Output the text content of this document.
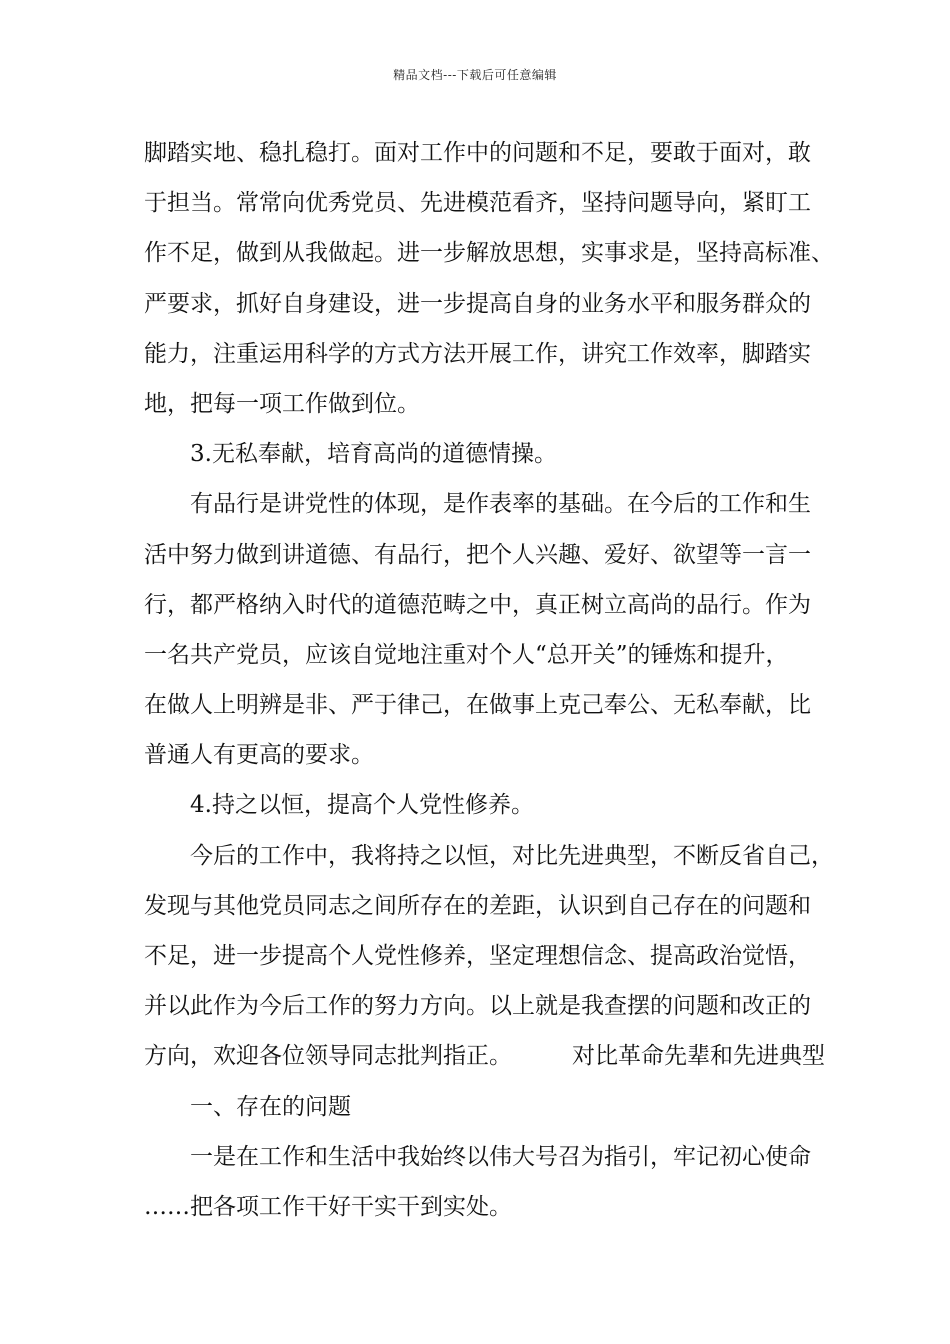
精品文档---下载后可任意编辑
脚踏实地、稳扎稳打。面对工作中的问题和不足，要敢于面对，敢
于担当。常常向优秀党员、先进模范看齐，坚持问题导向，紧盯工
作不足，做到从我做起。进一步解放思想，实事求是，坚持高标准、
严要求，抓好自身建设，进一步提高自身的业务水平和服务群众的
能力，注重运用科学的方式方法开展工作，讲究工作效率，脚踏实
地，把每一项工作做到位。
3.无私奉献，培育高尚的道德情操。
有品行是讲党性的体现，是作表率的基础。在今后的工作和生
活中努力做到讲道德、有品行，把个人兴趣、爱好、欲望等一言一
行，都严格纳入时代的道德范畴之中，真正树立高尚的品行。作为
一名共产党员，应该自觉地注重对个人“总开关”的锤炼和提升，
在做人上明辨是非、严于律己，在做事上克己奉公、无私奉献，比
普通人有更高的要求。
4.持之以恒，提高个人党性修养。
今后的工作中，我将持之以恒，对比先进典型，不断反省自己，
发现与其他党员同志之间所存在的差距，认识到自己存在的问题和
不足，进一步提高个人党性修养，坚定理想信念、提高政治觉悟，
并以此作为今后工作的努力方向。以上就是我查摆的问题和改正的
方向，欢迎各位领导同志批判指正。	对比革命先辈和先进典型
一、存在的问题
一是在工作和生活中我始终以伟大号召为指引，牢记初心使命
……把各项工作干好干实干到实处。
